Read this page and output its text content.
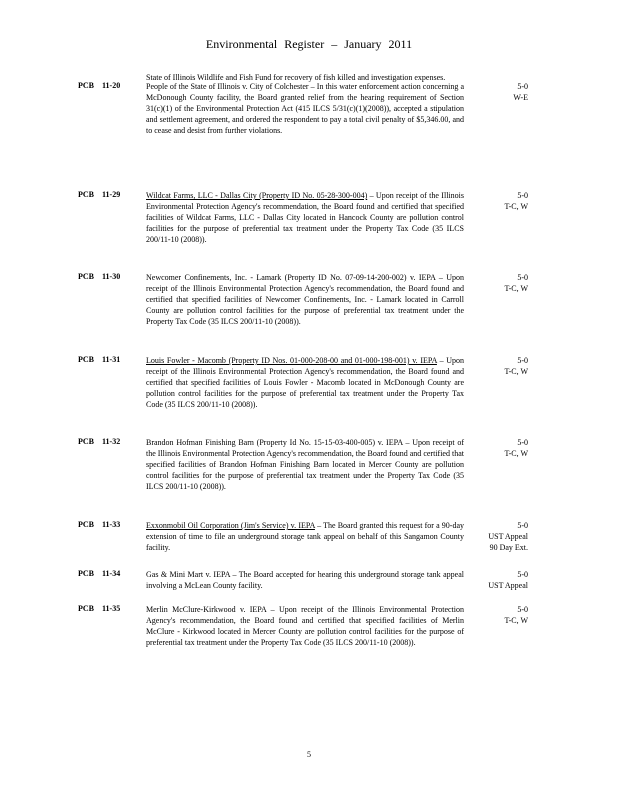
Environmental Register – January 2011
State of Illinois Wildlife and Fish Fund for recovery of fish killed and investigation expenses.
PCB 11-20	People of the State of Illinois v. City of Colchester – In this water enforcement action concerning a McDonough County facility, the Board granted relief from the hearing requirement of Section 31(c)(1) of the Environmental Protection Act (415 ILCS 5/31(c)(1)(2008)), accepted a stipulation and settlement agreement, and ordered the respondent to pay a total civil penalty of $5,346.00, and to cease and desist from further violations.
5-0
W-E
PCB 11-29	Wildcat Farms, LLC - Dallas City (Property ID No. 05-28-300-004) – Upon receipt of the Illinois Environmental Protection Agency's recommendation, the Board found and certified that specified facilities of Wildcat Farms, LLC - Dallas City located in Hancock County are pollution control facilities for the purpose of preferential tax treatment under the Property Tax Code (35 ILCS 200/11-10 (2008)).
5-0
T-C, W
PCB 11-30	Newcomer Confinements, Inc. - Lamark (Property ID No. 07-09-14-200-002) v. IEPA – Upon receipt of the Illinois Environmental Protection Agency's recommendation, the Board found and certified that specified facilities of Newcomer Confinements, Inc. - Lamark located in Carroll County are pollution control facilities for the purpose of preferential tax treatment under the Property Tax Code (35 ILCS 200/11-10 (2008)).
5-0
T-C, W
PCB 11-31	Louis Fowler - Macomb (Property ID Nos. 01-000-208-00 and 01-000-198-001) v. IEPA – Upon receipt of the Illinois Environmental Protection Agency's recommendation, the Board found and certified that specified facilities of Louis Fowler - Macomb located in McDonough County are pollution control facilities for the purpose of preferential tax treatment under the Property Tax Code (35 ILCS 200/11-10 (2008)).
5-0
T-C, W
PCB 11-32	Brandon Hofman Finishing Barn (Property Id No. 15-15-03-400-005) v. IEPA – Upon receipt of the Illinois Environmental Protection Agency's recommendation, the Board found and certified that specified facilities of Brandon Hofman Finishing Barn located in Mercer County are pollution control facilities for the purpose of preferential tax treatment under the Property Tax Code (35 ILCS 200/11-10 (2008)).
5-0
T-C, W
PCB 11-33	Exxonmobil Oil Corporation (Jim's Service) v. IEPA – The Board granted this request for a 90-day extension of time to file an underground storage tank appeal on behalf of this Sangamon County facility.
5-0
UST Appeal
90 Day Ext.
PCB 11-34	Gas & Mini Mart v. IEPA – The Board accepted for hearing this underground storage tank appeal involving a McLean County facility.
5-0
UST Appeal
PCB 11-35	Merlin McClure-Kirkwood v. IEPA – Upon receipt of the Illinois Environmental Protection Agency's recommendation, the Board found and certified that specified facilities of Merlin McClure - Kirkwood located in Mercer County are pollution control facilities for the purpose of preferential tax treatment under the Property Tax Code (35 ILCS 200/11-10 (2008)).
5-0
T-C, W
5
